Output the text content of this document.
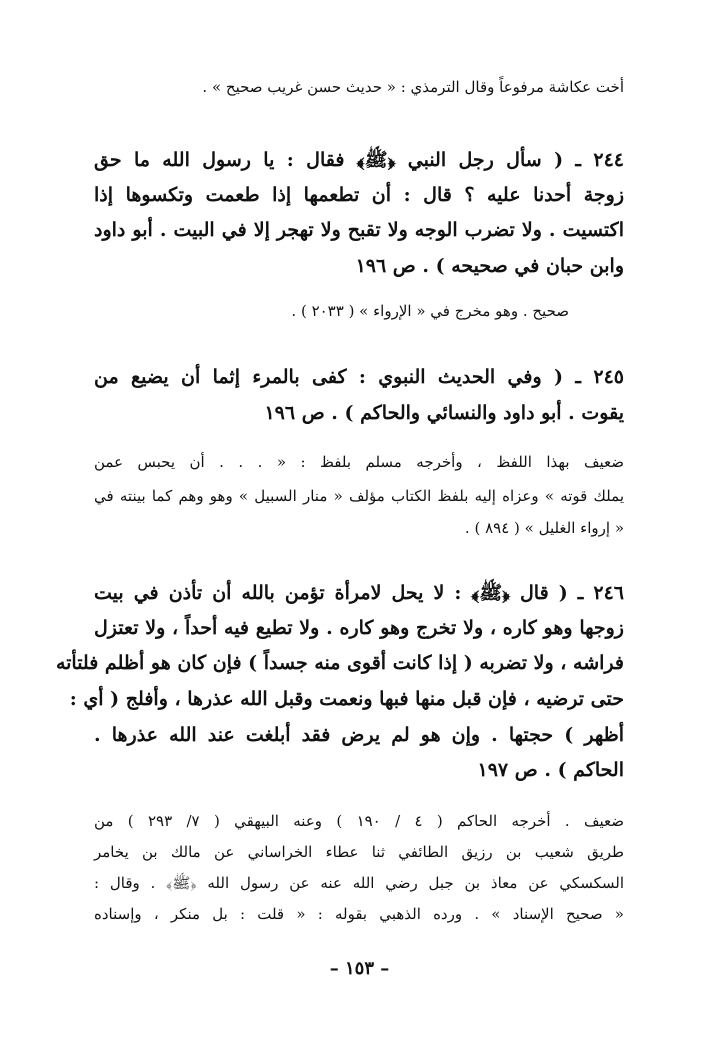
أخت عكاشة مرفوعاً وقال الترمذي : « حديث حسن غريب صحيح » .
٢٤٤ ـ ( سأل رجل النبي ﴿ﷺ﴾ فقال : يا رسول الله ما حق
زوجة أحدنا عليه ؟ قال : أن تطعمها إذا طعمت وتكسوها إذا
اكتسيت . ولا تضرب الوجه ولا تقبح ولا تهجر إلا في البيت . أبو داود
وابن حبان في صحيحه ) . ص ١٩٦
صحيح . وهو مخرج في « الإرواء » ( ٢٠٣٣ ) .
٢٤٥ ـ ( وفي الحديث النبوي : كفى بالمرء إثما أن يضيع من
يقوت . أبو داود والنسائي والحاكم ) . ص ١٩٦
ضعيف بهذا اللفظ ، وأخرجه مسلم بلفظ : « . . . أن يحبس عمن
يملك قوته » وعزاه إليه بلفظ الكتاب مؤلف « منار السبيل » وهو وهم كما بينته في
« إرواء الغليل » ( ٨٩٤ ) .
٢٤٦ ـ ( قال ﴿ﷺ﴾ : لا يحل لامرأة تؤمن بالله أن تأذن في بيت
زوجها وهو كاره ، ولا تخرج وهو كاره . ولا تطيع فيه أحداً ، ولا تعتزل
فراشه ، ولا تضربه ( إذا كانت أقوى منه جسداً ) فإن كان هو أظلم فلتأته
حتى ترضيه ، فإن قبل منها فبها ونعمت وقبل الله عذرها ، وأفلج ( أي :
أظهر ) حجتها . وإن هو لم يرض فقد أبلغت عند الله عذرها .
الحاكم ) . ص ١٩٧
ضعيف . أخرجه الحاكم ( ٤ / ١٩٠ ) وعنه البيهقي ( ٧/ ٢٩٣ ) من
طريق شعيب بن رزيق الطائفي ثنا عطاء الخراساني عن مالك بن يخامر
السكسكي عن معاذ بن جبل رضي الله عنه عن رسول الله ﴿ﷺ﴾ . وقال :
« صحيح الإسناد » . ورده الذهبي بقوله : « قلت : بل منكر ، وإسناده
– ١٥٣ –
